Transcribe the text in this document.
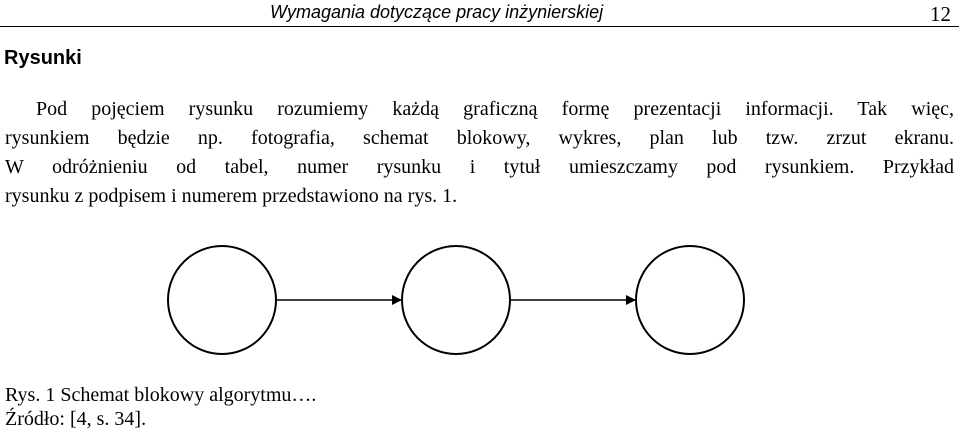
Wymagania dotyczące pracy inżynierskiej	12
Rysunki
Pod pojęciem rysunku rozumiemy każdą graficzną formę prezentacji informacji. Tak więc,
rysunkiem będzie np. fotografia, schemat blokowy, wykres, plan lub tzw. zrzut ekranu.
W odróżnieniu od tabel, numer rysunku i tytuł umieszczamy pod rysunkiem. Przykład
rysunku z podpisem i numerem przedstawiono na rys. 1.
Rys. 1 Schemat blokowy algorytmu….
Źródło: [4, s. 34].
